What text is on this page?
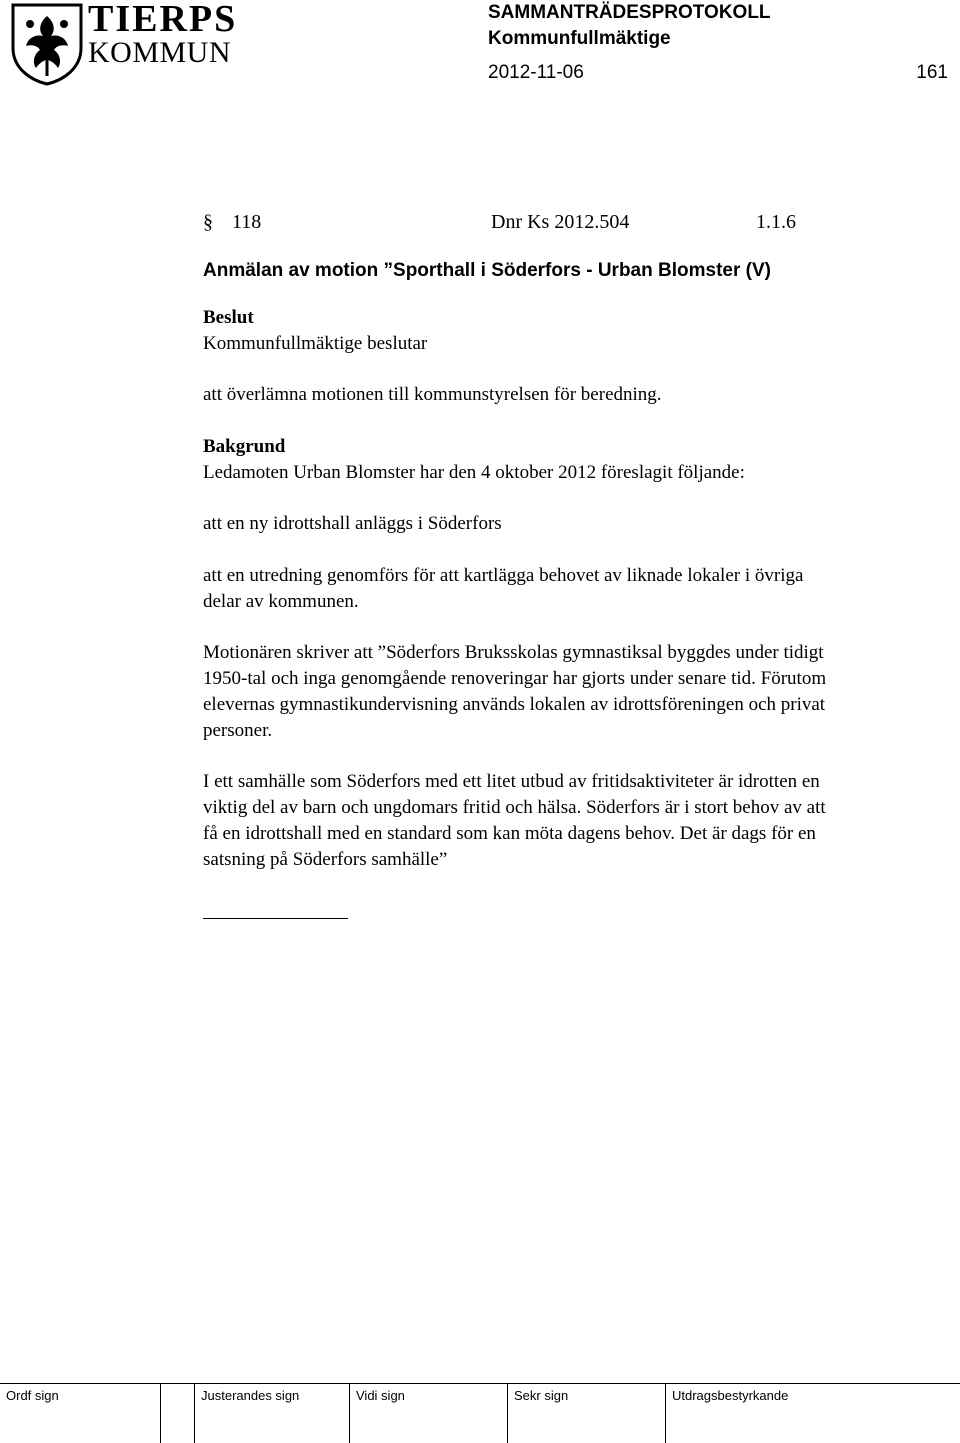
TIERPS
KOMMUN
SAMMANTRÄDESPROTOKOLL
Kommunfullmäktige
2012-11-06	161
§ 118	Dnr Ks 2012.504	1.1.6
Anmälan av motion ”Sporthall i Söderfors - Urban Blomster (V)
Beslut
Kommunfullmäktige beslutar
att överlämna motionen till kommunstyrelsen för beredning.
Bakgrund
Ledamoten Urban Blomster har den 4 oktober 2012 föreslagit följande:
att en ny idrottshall anläggs i Söderfors
att en utredning genomförs för att kartlägga behovet av liknade lokaler i övriga
delar av kommunen.
Motionären skriver att ”Söderfors Bruksskolas gymnastiksal byggdes under tidigt
1950-tal och inga genomgående renoveringar har gjorts under senare tid. Förutom
elevernas gymnastikundervisning används lokalen av idrottsföreningen och privat
personer.
I ett samhälle som Söderfors med ett litet utbud av fritidsaktiviteter är idrotten en
viktig del av barn och ungdomars fritid och hälsa. Söderfors är i stort behov av att
få en idrottshall med en standard som kan möta dagens behov. Det är dags för en
satsning på Söderfors samhälle”
Ordf sign	Justerandes sign	Vidi sign	Sekr sign	Utdragsbestyrkande
